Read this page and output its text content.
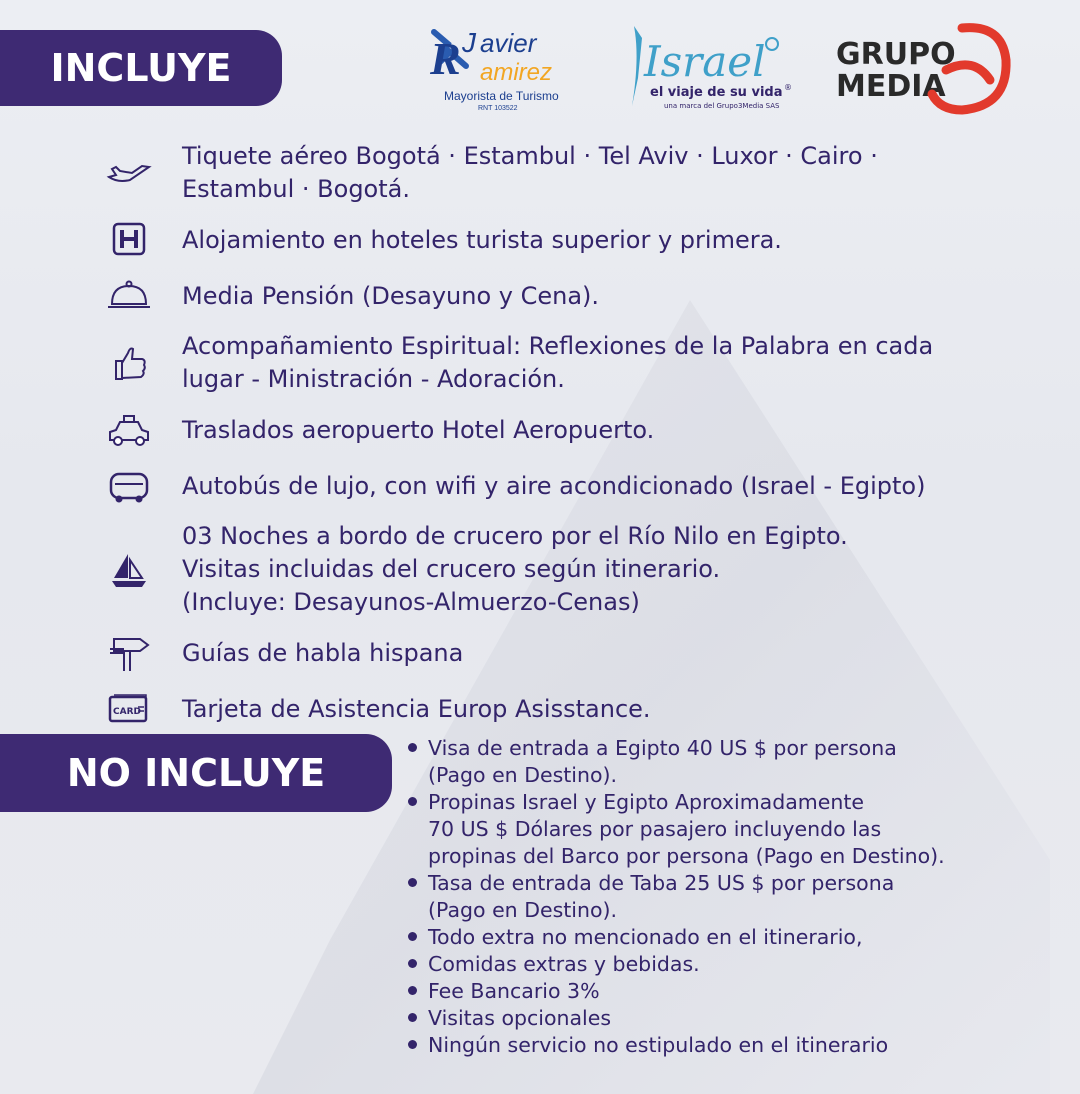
INCLUYE	R J avier
amirez
Mayorista de Turismo
RNT 103522
Israel
el viaje de su vida ®
una marca del Grupo3Media SAS
GRUPO
MEDIA
Tiquete aéreo Bogotá · Estambul · Tel Aviv · Luxor · Cairo ·
Estambul · Bogotá.
Alojamiento en hoteles turista superior y primera.
Media Pensión (Desayuno y Cena).
Acompañamiento Espiritual: Reflexiones de la Palabra en cada
lugar - Ministración - Adoración.
Traslados aeropuerto Hotel Aeropuerto.
Autobús de lujo, con wifi y aire acondicionado (Israel - Egipto)
03 Noches a bordo de crucero por el Río Nilo en Egipto.
Visitas incluidas del crucero según itinerario.
(Incluye: Desayunos-Almuerzo-Cenas)
Guías de habla hispana
CARD Tarjeta de Asistencia Europ Asisstance.
NO INCLUYE
Visa de entrada a Egipto 40 US $ por persona
(Pago en Destino).
Propinas Israel y Egipto Aproximadamente
70 US $ Dólares por pasajero incluyendo las
propinas del Barco por persona (Pago en Destino).
Tasa de entrada de Taba 25 US $ por persona
(Pago en Destino).
Todo extra no mencionado en el itinerario,
Comidas extras y bebidas.
Fee Bancario 3%
Visitas opcionales
Ningún servicio no estipulado en el itinerario
